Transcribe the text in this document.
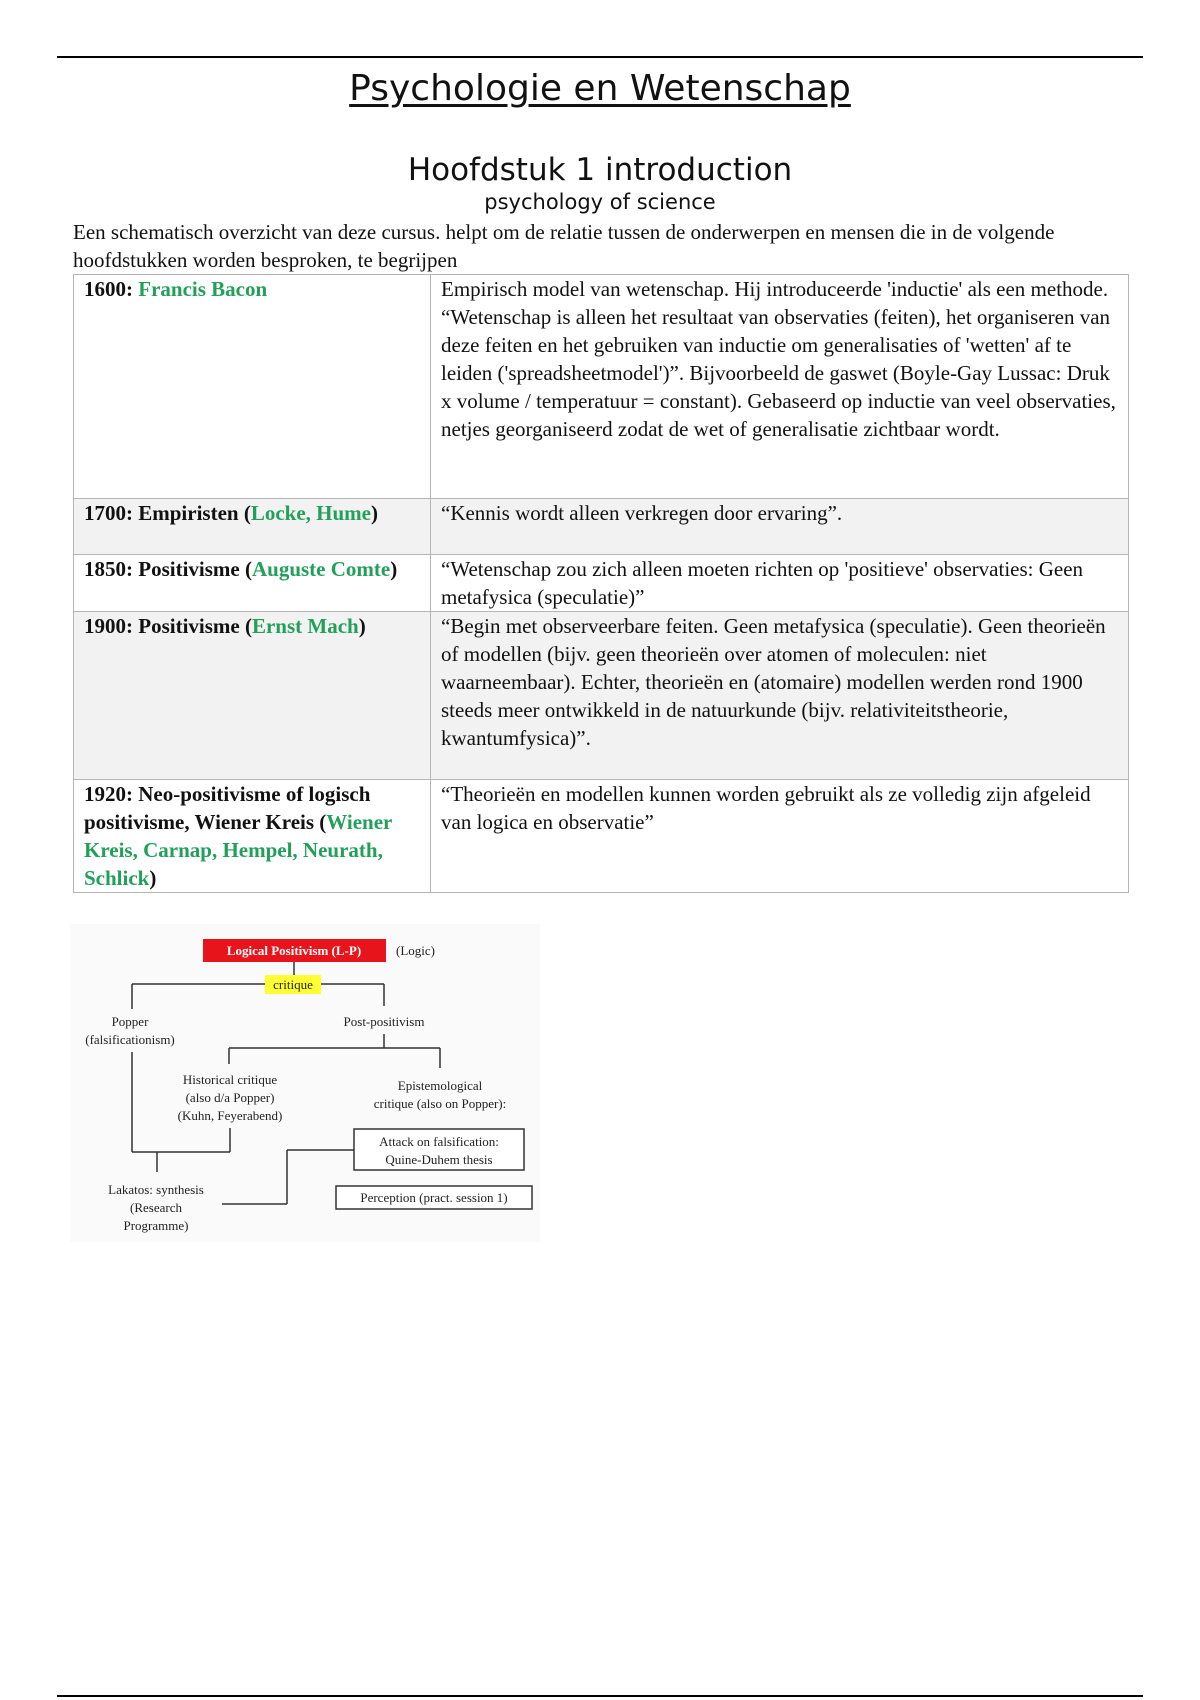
Psychologie en Wetenschap
Hoofdstuk 1 introduction
psychology of science
Een schematisch overzicht van deze cursus. helpt om de relatie tussen de onderwerpen en mensen die in de volgende hoofdstukken worden besproken, te begrijpen
1600: Francis Bacon	Empirisch model van wetenschap. Hij introduceerde 'inductie' als een methode. “Wetenschap is alleen het resultaat van observaties (feiten), het organiseren van deze feiten en het gebruiken van inductie om generalisaties of 'wetten' af te leiden ('spreadsheetmodel')”. Bijvoorbeeld de gaswet (Boyle-Gay Lussac: Druk x volume / temperatuur = constant). Gebaseerd op inductie van veel observaties, netjes georganiseerd zodat de wet of generalisatie zichtbaar wordt.
1700: Empiristen (Locke, Hume)	“Kennis wordt alleen verkregen door ervaring”.
1850: Positivisme (Auguste Comte)	“Wetenschap zou zich alleen moeten richten op 'positieve' observaties: Geen metafysica (speculatie)”
1900: Positivisme (Ernst Mach)	“Begin met observeerbare feiten. Geen metafysica (speculatie). Geen theorieën of modellen (bijv. geen theorieën over atomen of moleculen: niet waarneembaar). Echter, theorieën en (atomaire) modellen werden rond 1900 steeds meer ontwikkeld in de natuurkunde (bijv. relativiteitstheorie, kwantumfysica)”.
1920: Neo-positivisme of logisch positivisme, Wiener Kreis (Wiener Kreis, Carnap, Hempel, Neurath, Schlick)	“Theorieën en modellen kunnen worden gebruikt als ze volledig zijn afgeleid van logica en observatie”
Logical Positivism (L-P)	(Logic)
critique
Popper
(falsificationism)
Post-positivism
Historical critique
(also d/a Popper)
(Kuhn, Feyerabend)
Epistemological
critique (also on Popper):
Attack on falsification:
Quine-Duhem thesis
Perception (pract. session 1)
Lakatos: synthesis
(Research
Programme)
